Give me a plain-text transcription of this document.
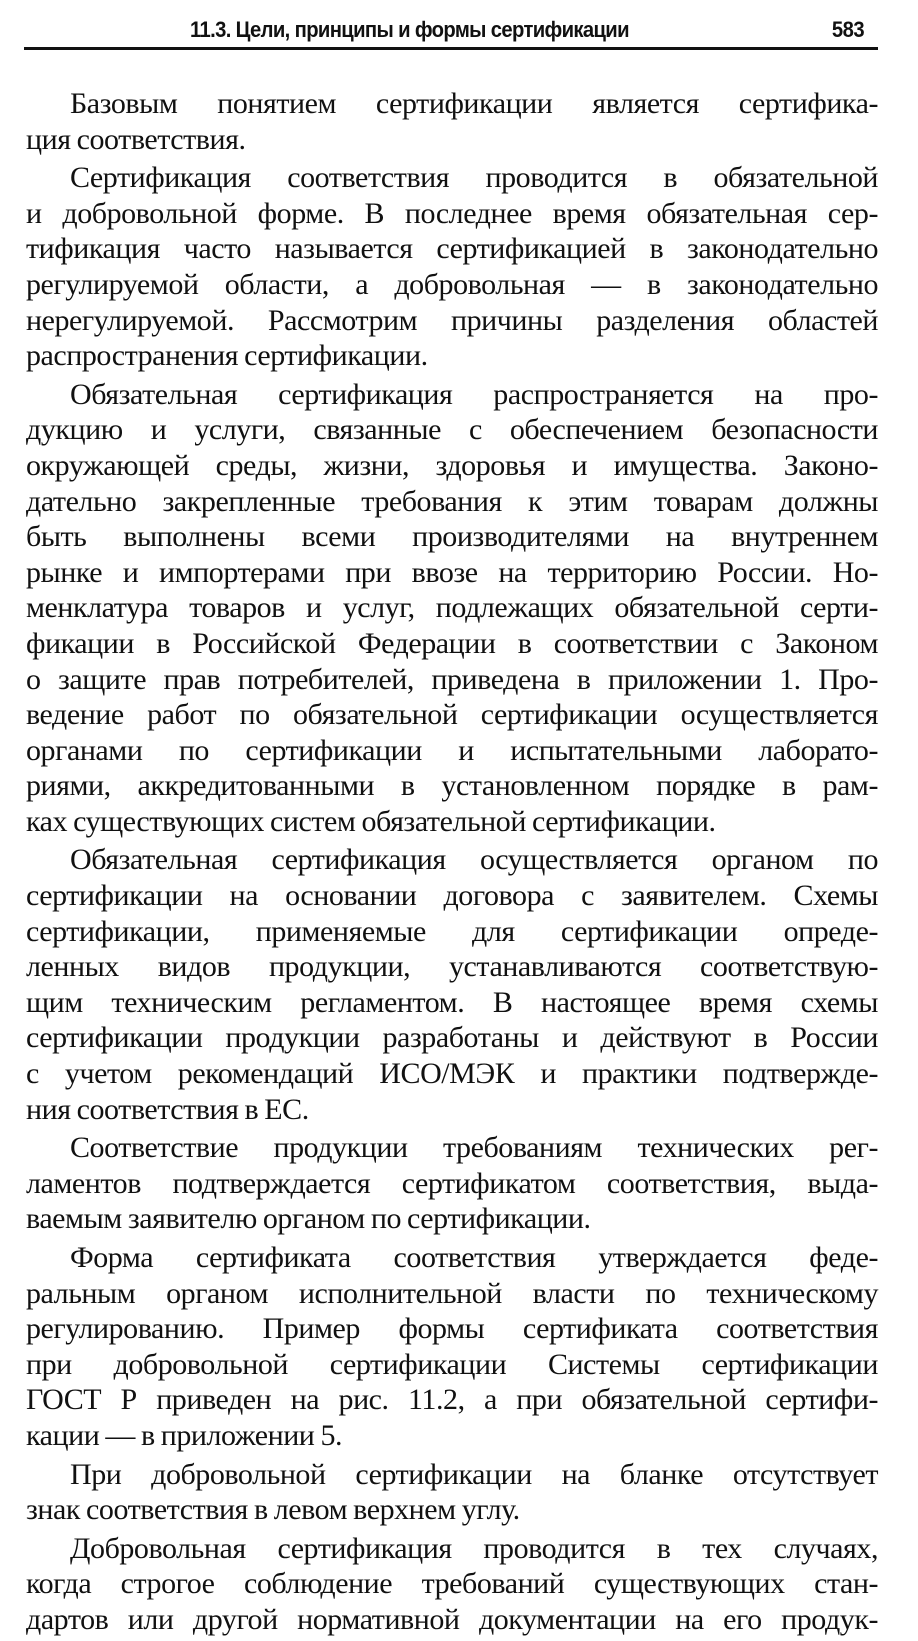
11.3. Цели, принципы и формы сертификации	583

Базовым понятием сертификации является сертифика-
ция соответствия.

Сертификация соответствия проводится в обязательной
и добровольной форме. В последнее время обязательная сер-
тификация часто называется сертификацией в законодательно
регулируемой области, а добровольная — в законодательно
нерегулируемой. Рассмотрим причины разделения областей
распространения сертификации.

Обязательная сертификация распространяется на про-
дукцию и услуги, связанные с обеспечением безопасности
окружающей среды, жизни, здоровья и имущества. Законо-
дательно закрепленные требования к этим товарам должны
быть выполнены всеми производителями на внутреннем
рынке и импортерами при ввозе на территорию России. Но-
менклатура товаров и услуг, подлежащих обязательной серти-
фикации в Российской Федерации в соответствии с Законом
о защите прав потребителей, приведена в приложении 1. Про-
ведение работ по обязательной сертификации осуществляется
органами по сертификации и испытательными лаборато-
риями, аккредитованными в установленном порядке в рам-
ках существующих систем обязательной сертификации.

Обязательная сертификация осуществляется органом по
сертификации на основании договора с заявителем. Схемы
сертификации, применяемые для сертификации опреде-
ленных видов продукции, устанавливаются соответствую-
щим техническим регламентом. В настоящее время схемы
сертификации продукции разработаны и действуют в России
с учетом рекомендаций ИСО/МЭК и практики подтвержде-
ния соответствия в ЕС.

Соответствие продукции требованиям технических рег-
ламентов подтверждается сертификатом соответствия, выда-
ваемым заявителю органом по сертификации.

Форма сертификата соответствия утверждается феде-
ральным органом исполнительной власти по техническому
регулированию. Пример формы сертификата соответствия
при добровольной сертификации Системы сертификации
ГОСТ Р приведен на рис. 11.2, а при обязательной сертифи-
кации — в приложении 5.

При добровольной сертификации на бланке отсутствует
знак соответствия в левом верхнем углу.

Добровольная сертификация проводится в тех случаях,
когда строгое соблюдение требований существующих стан-
дартов или другой нормативной документации на его продук-
